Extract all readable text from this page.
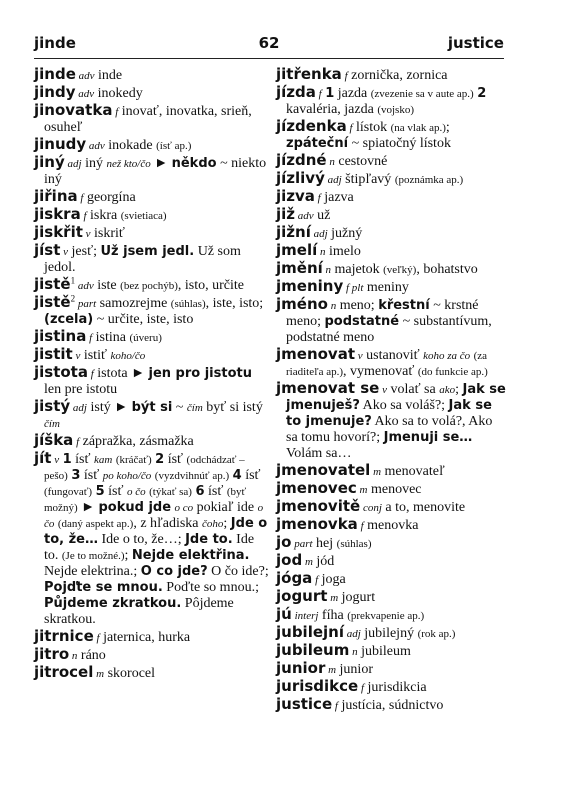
jinde	62	justice

jinde adv inde

jindy adv inokedy

jinovatka f inovať, inovatka, srieň, osuheľ

jinudy adv inokade (ísť ap.)

jiný adj iný než kto/čo ► někdo ~ niekto iný

jiřina f georgína

jiskra f iskra (svietiaca)

jiskřit v iskriť

jíst v jesť; Už jsem jedl. Už som jedol.

jistě$^1$ adv iste (bez pochýb), isto, určite

jistě$^2$ part samozrejme (súhlas), iste, isto; (zcela) ~ určite, iste, isto

jistina f istina (úveru)

jistit v istiť koho/čo

jistota f istota ► jen pro jistotu len pre istotu

jistý adj istý ► být si ~ čím byť si istý čím

jíška f zápražka, zásmažka

jít v 1 ísť kam (kráčať) 2 ísť (odchádzať – pešo) 3 ísť po koho/čo (vyzdvihnúť ap.) 4 ísť (fungovať) 5 ísť o čo (týkať sa) 6 ísť (byť možný) ► pokud jde o co pokiaľ ide o čo (daný aspekt ap.), z hľadiska čoho; Jde o to, že… Ide o to, že…; Jde to. Ide to. (Je to možné.); Nejde elektřina. Nejde elektrina.; O co jde? O čo ide?; Pojďte se mnou. Poďte so mnou.; Půjdeme zkratkou. Pôjdeme skratkou.

jitrnice f jaternica, hurka

jitro n ráno

jitrocel m skorocel

jitřenka f zornička, zornica

jízda f 1 jazda (zvezenie sa v aute ap.) 2 kavaléria, jazda (vojsko)

jízdenka f lístok (na vlak ap.); zpáteční ~ spiatočný lístok

jízdné n cestovné

jízlivý adj štipľavý (poznámka ap.)

jizva f jazva

již adv už

jižní adj južný

jmelí n imelo

jmění n majetok (veľký), bohatstvo

jmeniny f plt meniny

jméno n meno; křestní ~ krstné meno; podstatné ~ substantívum, podstatné meno

jmenovat v ustanoviť koho za čo (za riaditeľa ap.), vymenovať (do funkcie ap.)

jmenovat se v volať sa ako; Jak se jmenuješ? Ako sa voláš?; Jak se to jmenuje? Ako sa to volá?, Ako sa tomu hovorí?; Jmenuji se… Volám sa…

jmenovatel m menovateľ

jmenovec m menovec

jmenovitě conj a to, menovite

jmenovka f menovka

jo part hej (súhlas)

jod m jód

jóga f joga

jogurt m jogurt

jú interj fíha (prekvapenie ap.)

jubilejní adj jubilejný (rok ap.)

jubileum n jubileum

junior m junior

jurisdikce f jurisdikcia

justice f justícia, súdnictvo
